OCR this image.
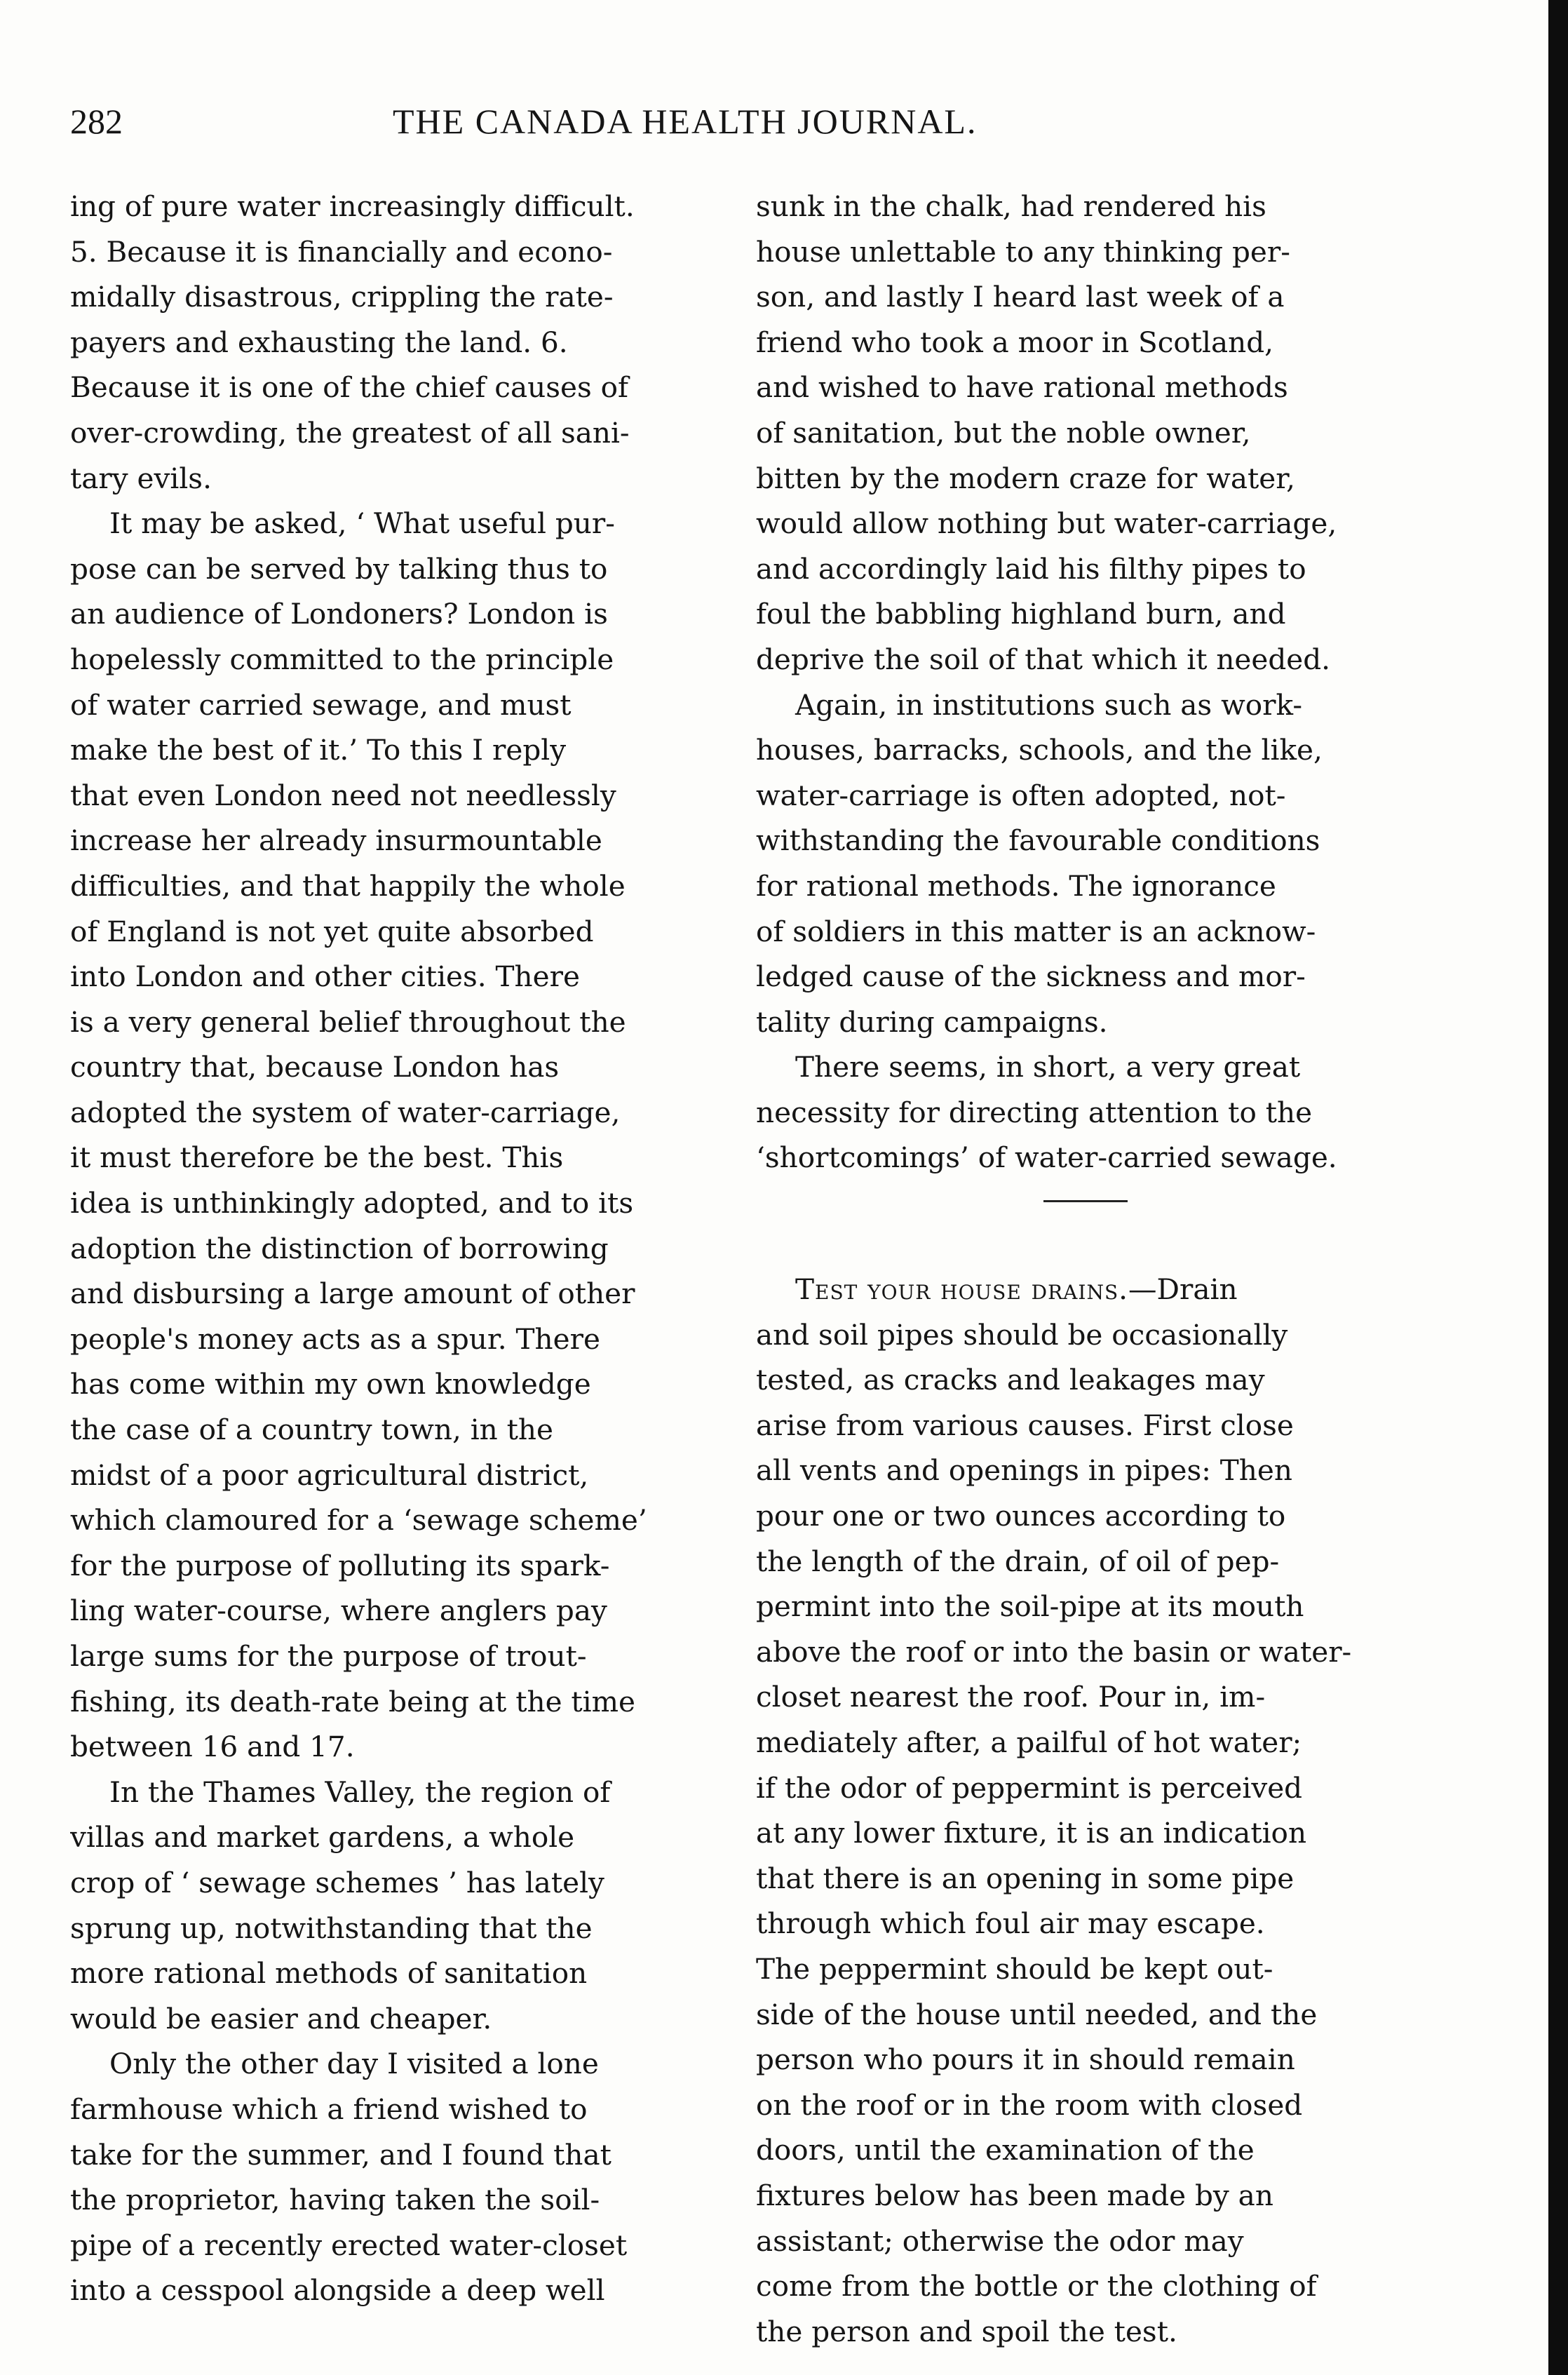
282	THE CANADA HEALTH JOURNAL.

ing of pure water increasingly difficult.
5. Because it is financially and econo-
midally disastrous, crippling the rate-
payers and exhausting the land. 6.
Because it is one of the chief causes of
over-crowding, the greatest of all sani-
tary evils.

It may be asked, ‘ What useful pur-
pose can be served by talking thus to
an audience of Londoners? London is
hopelessly committed to the principle
of water carried sewage, and must
make the best of it.’ To this I reply
that even London need not needlessly
increase her already insurmountable
difficulties, and that happily the whole
of England is not yet quite absorbed
into London and other cities. There
is a very general belief throughout the
country that, because London has
adopted the system of water-carriage,
it must therefore be the best. This
idea is unthinkingly adopted, and to its
adoption the distinction of borrowing
and disbursing a large amount of other
people's money acts as a spur. There
has come within my own knowledge
the case of a country town, in the
midst of a poor agricultural district,
which clamoured for a ‘sewage scheme’
for the purpose of polluting its spark-
ling water-course, where anglers pay
large sums for the purpose of trout-
fishing, its death-rate being at the time
between 16 and 17.

In the Thames Valley, the region of
villas and market gardens, a whole
crop of ‘ sewage schemes ’ has lately
sprung up, notwithstanding that the
more rational methods of sanitation
would be easier and cheaper.

Only the other day I visited a lone
farmhouse which a friend wished to
take for the summer, and I found that
the proprietor, having taken the soil-
pipe of a recently erected water-closet
into a cesspool alongside a deep well

sunk in the chalk, had rendered his
house unlettable to any thinking per-
son, and lastly I heard last week of a
friend who took a moor in Scotland,
and wished to have rational methods
of sanitation, but the noble owner,
bitten by the modern craze for water,
would allow nothing but water-carriage,
and accordingly laid his filthy pipes to
foul the babbling highland burn, and
deprive the soil of that which it needed.

Again, in institutions such as work-
houses, barracks, schools, and the like,
water-carriage is often adopted, not-
withstanding the favourable conditions
for rational methods. The ignorance
of soldiers in this matter is an acknow-
ledged cause of the sickness and mor-
tality during campaigns.

There seems, in short, a very great
necessity for directing attention to the
‘shortcomings’ of water-carried sewage.

Test your house drains.—Drain
and soil pipes should be occasionally
tested, as cracks and leakages may
arise from various causes. First close
all vents and openings in pipes: Then
pour one or two ounces according to
the length of the drain, of oil of pep-
permint into the soil-pipe at its mouth
above the roof or into the basin or water-
closet nearest the roof. Pour in, im-
mediately after, a pailful of hot water;
if the odor of peppermint is perceived
at any lower fixture, it is an indication
that there is an opening in some pipe
through which foul air may escape.
The peppermint should be kept out-
side of the house until needed, and the
person who pours it in should remain
on the roof or in the room with closed
doors, until the examination of the
fixtures below has been made by an
assistant; otherwise the odor may
come from the bottle or the clothing of
the person and spoil the test.
